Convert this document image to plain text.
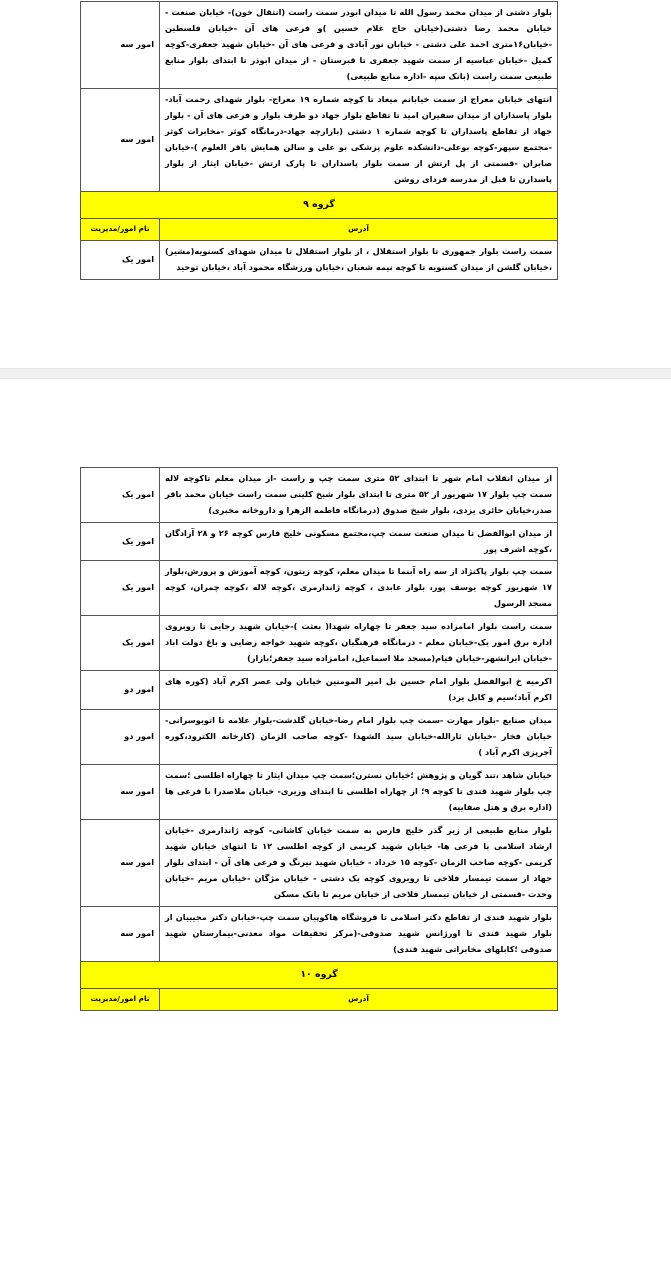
بلوار دشتی از میدان محمد رسول الله تا میدان ابوذر سمت راست (انتقال خون)- خیابان صنعت - خیابان محمد رضا دشتی(خیابان حاج غلام حسین )و فرعی های آن -خیابان فلسطین -خیابان۱۶متری احمد علی دشتی - خیابان نور آبادی و فرعی های آن -خیابان شهید جعفری-کوچه کمیل -خیابان عباسیه از سمت شهید جعفری تا قبرستان - از میدان ابوذر تا ابتدای بلوار منابع طبیعی سمت راست (بانک سپه -اداره منابع طبیعی)	امور سه
انتهای خیابان معراج از سمت خیابانم میعاد تا کوچه شماره ۱۹ معراج- بلوار شهدای رحمت آباد-بلوار پاسداران از میدان سفیران امید تا تقاطع بلوار جهاد دو طرف بلوار و فرعی های آن - بلوار جهاد از تقاطع پاسداران تا کوچه شماره ۱ دشتی (بازارچه جهاد-درمانگاه کوثر -مخابرات کوثر -مجتمع سپهر-کوچه بوعلی-دانشکده علوم پزشکی بو علی و سالن همایش باقر العلوم )-خیابان صابران -قسمتی از پل ارتش از سمت بلوار پاسداران تا پارک ارتش -خیابان ایثار از بلوار پاسدارن تا قبل از مدرسه فردای روشن	امور سه
گروه ۹	
آدرس	نام امور/مدیریت
سمت راست بلوار جمهوری تا بلوار استقلال ، از بلوار استقلال تا میدان شهدای کسنویه(مشیر) ،خیابان گلشن از میدان کسنویه تا کوچه نیمه شعبان ،خیابان ورزشگاه محمود آباد ،خیابان توحید	امور یک
از میدان انقلاب امام شهر تا ابتدای ۵۲ متری سمت چپ و راست -از میدان معلم تاکوچه لاله سمت چپ بلوار ۱۷ شهریور از ۵۲ متری تا ابتدای بلوار شیخ کلینی سمت راست خیابان محمد باقر صدر،خیابان حائری یزدی، بلوار شیخ صدوق (درمانگاه فاطمه الزهرا و داروخانه مخبری)	امور یک
از میدان ابوالفضل تا میدان صنعت سمت چپ،مجتمع مسکونی خلیج فارس کوچه ۲۶ و ۲۸ آزادگان ،کوچه اشرف پور	امور یک
سمت چپ بلوار پاکنژاد از سه راه آبنما تا میدان معلم، کوچه زیتون، کوچه آموزش و پرورش،بلوار ۱۷ شهریور کوچه یوسف پور، بلوار عابدی ، کوچه ژاندارمری ،کوچه لاله ،کوچه چمران، کوچه مسجد الرسول	امور یک
سمت راست بلوار امامزاده سید جعفر تا چهاراه شهدا( بعثت )-خیابان شهید رجایی تا روبروی اداره برق امور یک-خیابان معلم - درمانگاه فرهنگیان ،کوچه شهید خواجه رضایی و باغ دولت اباد -خیابان ایرانشهر-خیابان قیام(مسجد ملا اسماعیل، امامزاده سید جعفر؛بازار)	امور یک
اکرمیه خ ابوالفضل بلوار امام حسین بل امیر المومنین خیابان ولی عصر اکرم آباد (کوره های اکرم آباد؛سیم و کابل یزد)	امور دو
میدان صنایع -بلوار مهارت -سمت چپ بلوار امام رضا-خیابان گلدشت-بلوار علامه تا اتوبوسرانی-خیابان فخار -خیابان ثارالله-خیابان سید الشهدا -کوچه صاحب الزمان (کارخانه الکترود،کوره آجرپزی اکرم آباد )	امور دو
خیابان شاهد ،تند گویان و پژوهش ؛خیابان نسترن؛سمت چپ میدان ایثار تا چهاراه اطلسی ؛سمت چپ بلوار شهید قندی تا کوچه ۹؛ از چهاراه اطلسی تا ابتدای وزیری- خیابان ملاصدرا با فرعی ها (اداره برق و هتل صفاییه)	امور سه
بلوار منابع طبیعی از زیر گذر خلیج فارس به سمت خیابان کاشانی- کوچه ژاندارمری -خیابان ارشاد اسلامی با فرعی ها- خیابان شهید کریمی از کوچه اطلسی ۱۲ تا انتهای خیابان شهید کریمی -کوچه صاحب الزمان -کوچه ۱۵ خرداد - خیابان شهید نیرنگ و فرعی های آن - ابتدای بلوار جهاد از سمت تیمسار فلاحی تا روبروی کوچه یک دشتی - خیابان مژگان -خیابان مریم -خیابان وحدت -قسمتی از خیابان تیمسار فلاحی از خیابان مریم تا بانک مسکن	امور سه
بلوار شهید قندی از تقاطع دکتر اسلامی تا فروشگاه هاکوپیان سمت چپ-خیابان دکتر مجیبیان از بلوار شهید قندی تا اورژانس شهید صدوقی-(مرکز تحقیقات مواد معدنی-بیمارستان شهید صدوقی ؛کابلهای مخابراتی شهید قندی)	امور سه
گروه ۱۰	
آدرس	نام امور/مدیریت
